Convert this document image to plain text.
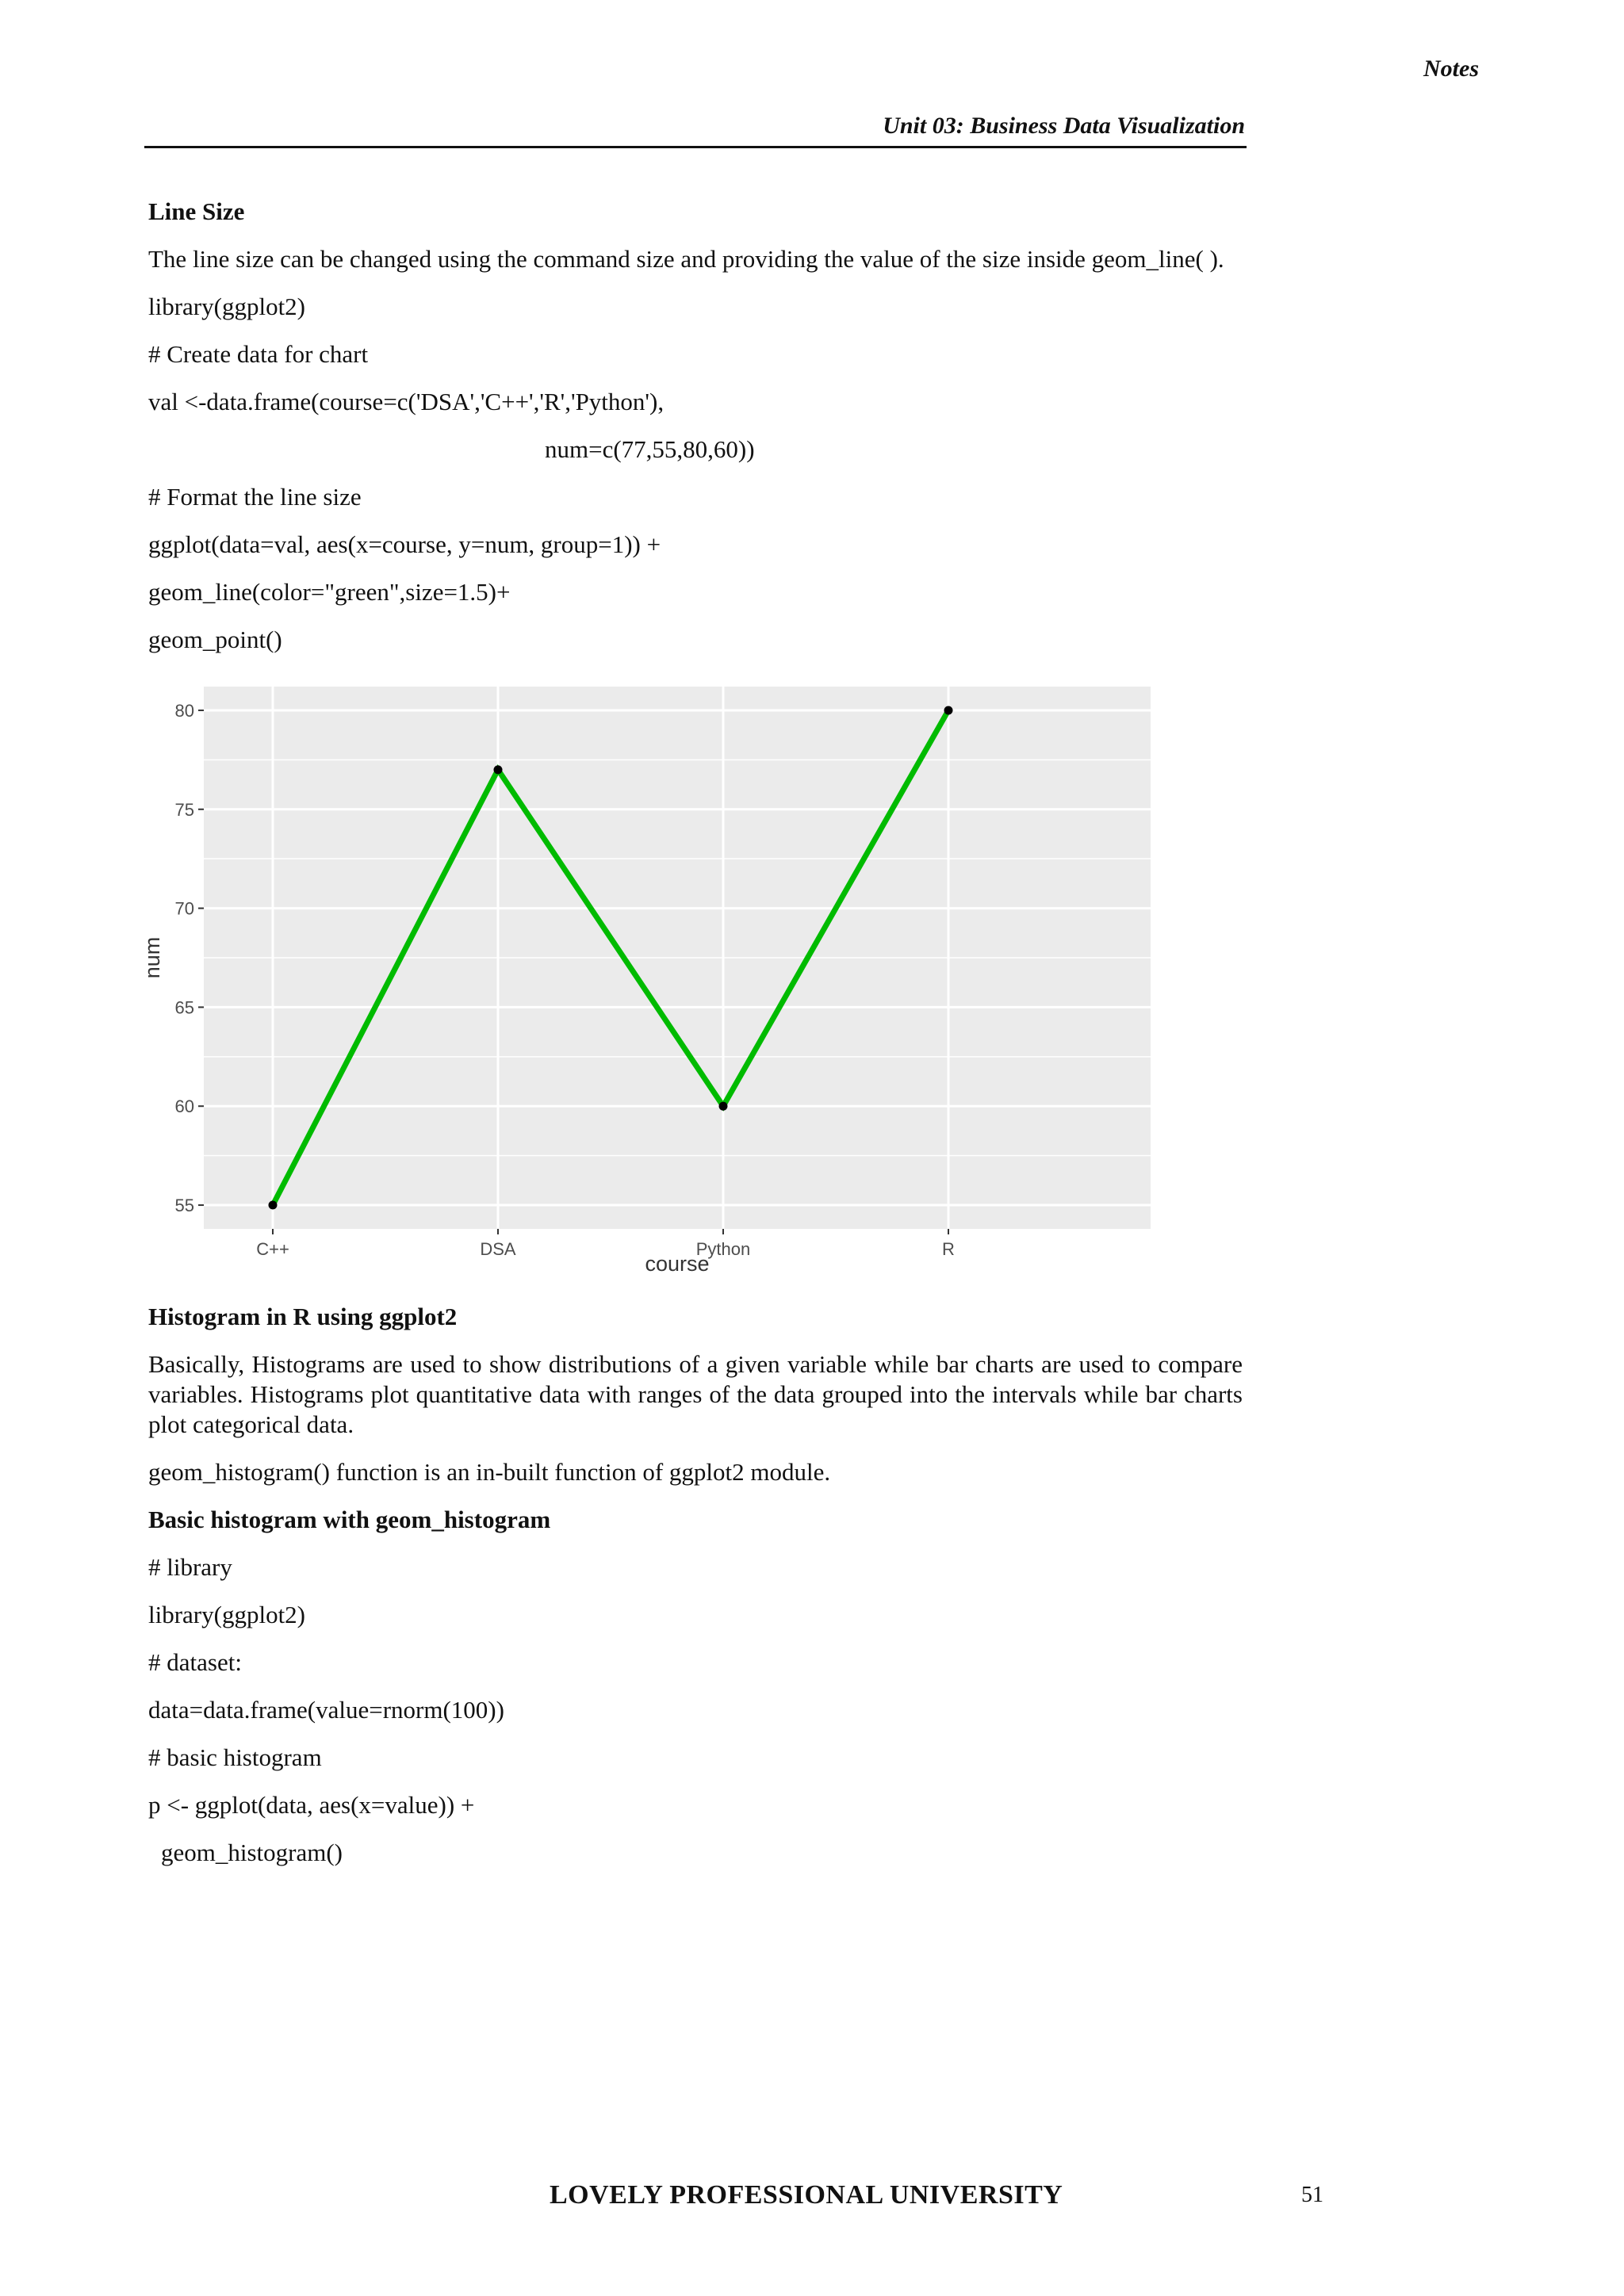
Notes
Unit 03: Business Data Visualization

Line Size

The line size can be changed using the command size and providing the value of the size inside geom_line( ).

library(ggplot2)

# Create data for chart

val <-data.frame(course=c('DSA','C++','R','Python'),

num=c(77,55,80,60))

# Format the line size

ggplot(data=val, aes(x=course, y=num, group=1)) +

geom_line(color="green",size=1.5)+

geom_point()

55
60
65
70
75
80
C++	DSA	Python	R
course
num

Histogram in R using ggplot2

Basically, Histograms are used to show distributions of a given variable while bar charts are used to compare variables. Histograms plot quantitative data with ranges of the data grouped into the intervals while bar charts plot categorical data.

geom_histogram() function is an in-built function of ggplot2 module.

Basic histogram with geom_histogram

# library

library(ggplot2)

# dataset:

data=data.frame(value=rnorm(100))

# basic histogram

p <- ggplot(data, aes(x=value)) +

geom_histogram()

LOVELY PROFESSIONAL UNIVERSITY	51
